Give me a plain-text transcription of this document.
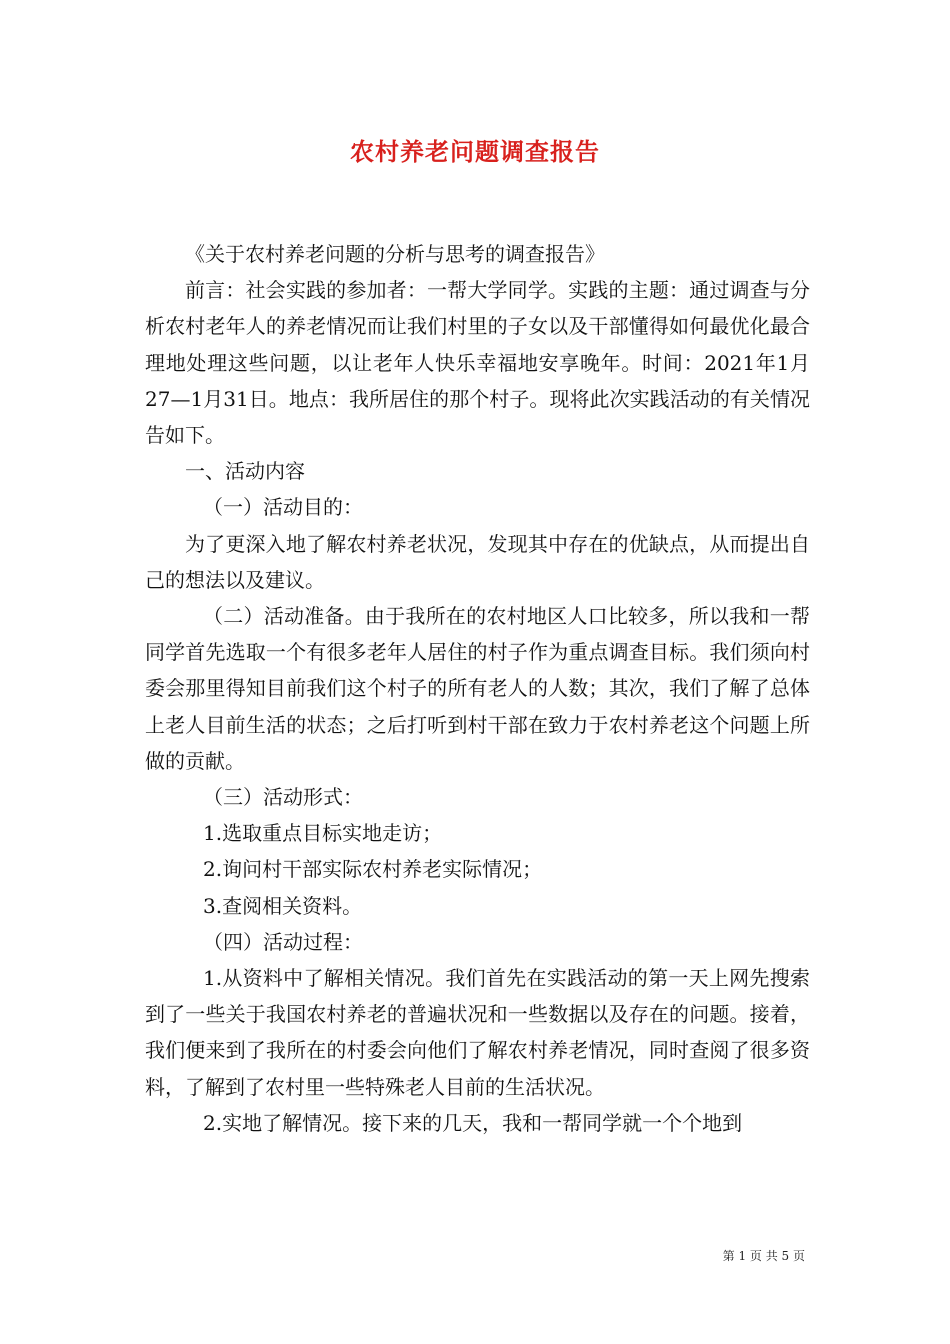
农村养老问题调查报告

《关于农村养老问题的分析与思考的调查报告》

前言：社会实践的参加者：一帮大学同学。实践的主题：通过调查与分析农村老年人的养老情况而让我们村里的子女以及干部懂得如何最优化最合理地处理这些问题，以让老年人快乐幸福地安享晚年。时间：2021年1月27—1月31日。地点：我所居住的那个村子。现将此次实践活动的有关情况告如下。

一、活动内容

（一）活动目的：

为了更深入地了解农村养老状况，发现其中存在的优缺点，从而提出自己的想法以及建议。

（二）活动准备。由于我所在的农村地区人口比较多，所以我和一帮同学首先选取一个有很多老年人居住的村子作为重点调查目标。我们须向村委会那里得知目前我们这个村子的所有老人的人数；其次，我们了解了总体上老人目前生活的状态；之后打听到村干部在致力于农村养老这个问题上所做的贡献。

（三）活动形式：

1.选取重点目标实地走访；

2.询问村干部实际农村养老实际情况；

3.查阅相关资料。

（四）活动过程：

1.从资料中了解相关情况。我们首先在实践活动的第一天上网先搜索到了一些关于我国农村养老的普遍状况和一些数据以及存在的问题。接着，我们便来到了我所在的村委会向他们了解农村养老情况，同时查阅了很多资料，了解到了农村里一些特殊老人目前的生活状况。

2.实地了解情况。接下来的几天，我和一帮同学就一个个地到

第 1 页 共 5 页
